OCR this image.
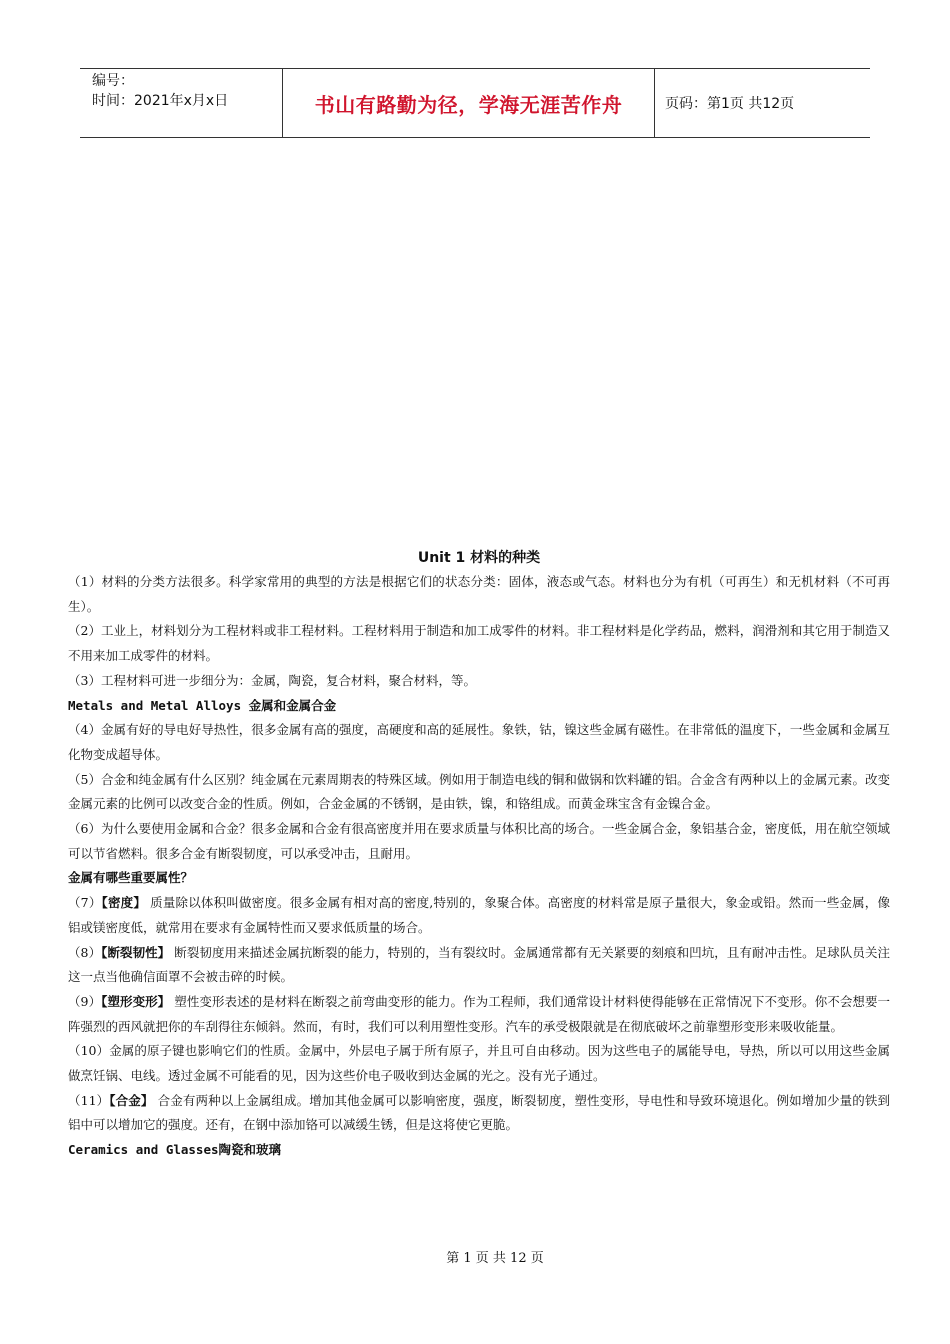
编号：
时间：2021年x月x日	书山有路勤为径，学海无涯苦作舟	页码：第1页 共12页
Unit 1 材料的种类

（1）材料的分类方法很多。科学家常用的典型的方法是根据它们的状态分类：固体，液态或气态。材料也分为有机（可再生）和无机材料（不可再生）。

（2）工业上，材料划分为工程材料或非工程材料。工程材料用于制造和加工成零件的材料。非工程材料是化学药品，燃料，润滑剂和其它用于制造又不用来加工成零件的材料。

（3）工程材料可进一步细分为：金属，陶瓷，复合材料，聚合材料，等。

Metals and Metal Alloys 金属和金属合金

（4）金属有好的导电好导热性，很多金属有高的强度，高硬度和高的延展性。象铁，钴，镍这些金属有磁性。在非常低的温度下，一些金属和金属互化物变成超导体。

（5）合金和纯金属有什么区别？纯金属在元素周期表的特殊区域。例如用于制造电线的铜和做锅和饮料罐的铝。合金含有两种以上的金属元素。改变金属元素的比例可以改变合金的性质。例如，合金金属的不锈钢，是由铁，镍，和铬组成。而黄金珠宝含有金镍合金。

（6）为什么要使用金属和合金？很多金属和合金有很高密度并用在要求质量与体积比高的场合。一些金属合金，象铝基合金，密度低，用在航空领域可以节省燃料。很多合金有断裂韧度，可以承受冲击，且耐用。

金属有哪些重要属性？

（7）【密度】 质量除以体积叫做密度。很多金属有相对高的密度,特别的，象聚合体。高密度的材料常是原子量很大，象金或铅。然而一些金属，像铝或镁密度低，就常用在要求有金属特性而又要求低质量的场合。

（8）【断裂韧性】 断裂韧度用来描述金属抗断裂的能力，特别的，当有裂纹时。金属通常都有无关紧要的刻痕和凹坑，且有耐冲击性。足球队员关注这一点当他确信面罩不会被击碎的时候。

（9）【塑形变形】 塑性变形表述的是材料在断裂之前弯曲变形的能力。作为工程师，我们通常设计材料使得能够在正常情况下不变形。你不会想要一阵强烈的西风就把你的车刮得往东倾斜。然而，有时，我们可以利用塑性变形。汽车的承受极限就是在彻底破坏之前靠塑形变形来吸收能量。

（10）金属的原子键也影响它们的性质。金属中，外层电子属于所有原子，并且可自由移动。因为这些电子的属能导电，导热，所以可以用这些金属做烹饪锅、电线。透过金属不可能看的见，因为这些价电子吸收到达金属的光之。没有光子通过。

（11）【合金】 合金有两种以上金属组成。增加其他金属可以影响密度，强度，断裂韧度，塑性变形，导电性和导致环境退化。例如增加少量的铁到铝中可以增加它的强度。还有，在钢中添加铬可以减缓生锈，但是这将使它更脆。

Ceramics and Glasses陶瓷和玻璃

第 1 页 共 12 页
